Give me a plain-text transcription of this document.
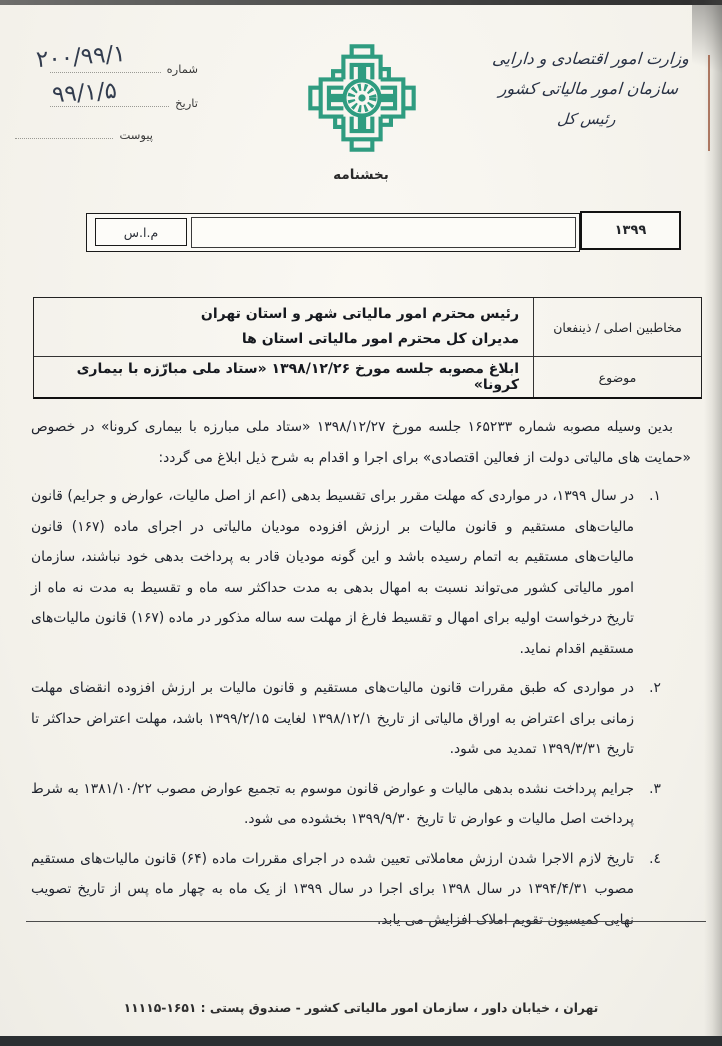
وزارت امور اقتصادی و دارایی
سازمان امور مالیاتی کشور
رئیس کل
شماره
تاریخ
پیوست
۲۰۰/۹۹/۱
۹۹/۱/۵
بخشنامه
۱۳۹۹
م.ا.س
مخاطبین اصلی / ذینفعان
رئیس محترم امور مالیاتی شهر و استان تهران
مدیران کل محترم امور مالیاتی استان ها
موضوع
ابلاغ مصوبه جلسه مورخ ۱۳۹۸/۱۲/۲۶ «ستاد ملی مبارّزه با بیماری کرونا»
بدین وسیله مصوبه شماره ۱۶۵۲۳۳ جلسه مورخ ۱۳۹۸/۱۲/۲۷ «ستاد ملی مبارزه با بیماری کرونا» در خصوص «حمایت های مالیاتی دولت از فعالین اقتصادی» برای اجرا و اقدام به شرح ذیل ابلاغ می گردد:
۱.
در سال ۱۳۹۹، در مواردی که مهلت مقرر برای تقسیط بدهی (اعم از اصل مالیات، عوارض و جرایم) قانون مالیات‌های مستقیم و قانون مالیات بر ارزش افزوده مودیان مالیاتی در اجرای ماده (۱۶۷) قانون مالیات‌های مستقیم به اتمام رسیده باشد و این گونه مودیان قادر به پرداخت بدهی خود نباشند، سازمان امور مالیاتی کشور می‌تواند نسبت به امهال بدهی به مدت حداکثر سه ماه و تقسیط به مدت نه ماه از تاریخ درخواست اولیه برای امهال و تقسیط فارغ از مهلت سه ساله مذکور در ماده (۱۶۷) قانون مالیات‌های مستقیم اقدام نماید.
۲.
در مواردی که طبق مقررات قانون مالیات‌های مستقیم و قانون مالیات بر ارزش افزوده انقضای مهلت زمانی برای اعتراض به اوراق مالیاتی از تاریخ ۱۳۹۸/۱۲/۱ لغایت ۱۳۹۹/۲/۱۵ باشد، مهلت اعتراض حداکثر تا تاریخ ۱۳۹۹/۳/۳۱ تمدید می شود.
۳.
جرایم پرداخت نشده بدهی مالیات و عوارض قانون موسوم به تجمیع عوارض مصوب ۱۳۸۱/۱۰/۲۲ به شرط پرداخت اصل مالیات و عوارض تا تاریخ ۱۳۹۹/۹/۳۰ بخشوده می شود.
٤.
تاریخ لازم الاجرا شدن ارزش معاملاتی تعیین شده در اجرای مقررات ماده (۶۴) قانون مالیات‌های مستقیم مصوب ۱۳۹۴/۴/۳۱ در سال ۱۳۹۸ برای اجرا در سال ۱۳۹۹ از یک ماه به چهار ماه پس از تاریخ تصویب نهایی کمیسیون تقویم املاک افزایش می یابد.
تهران ، خیابان داور ، سازمان امور مالیاتی کشور - صندوق پستی : ۱۶۵۱-۱۱۱۱۵
